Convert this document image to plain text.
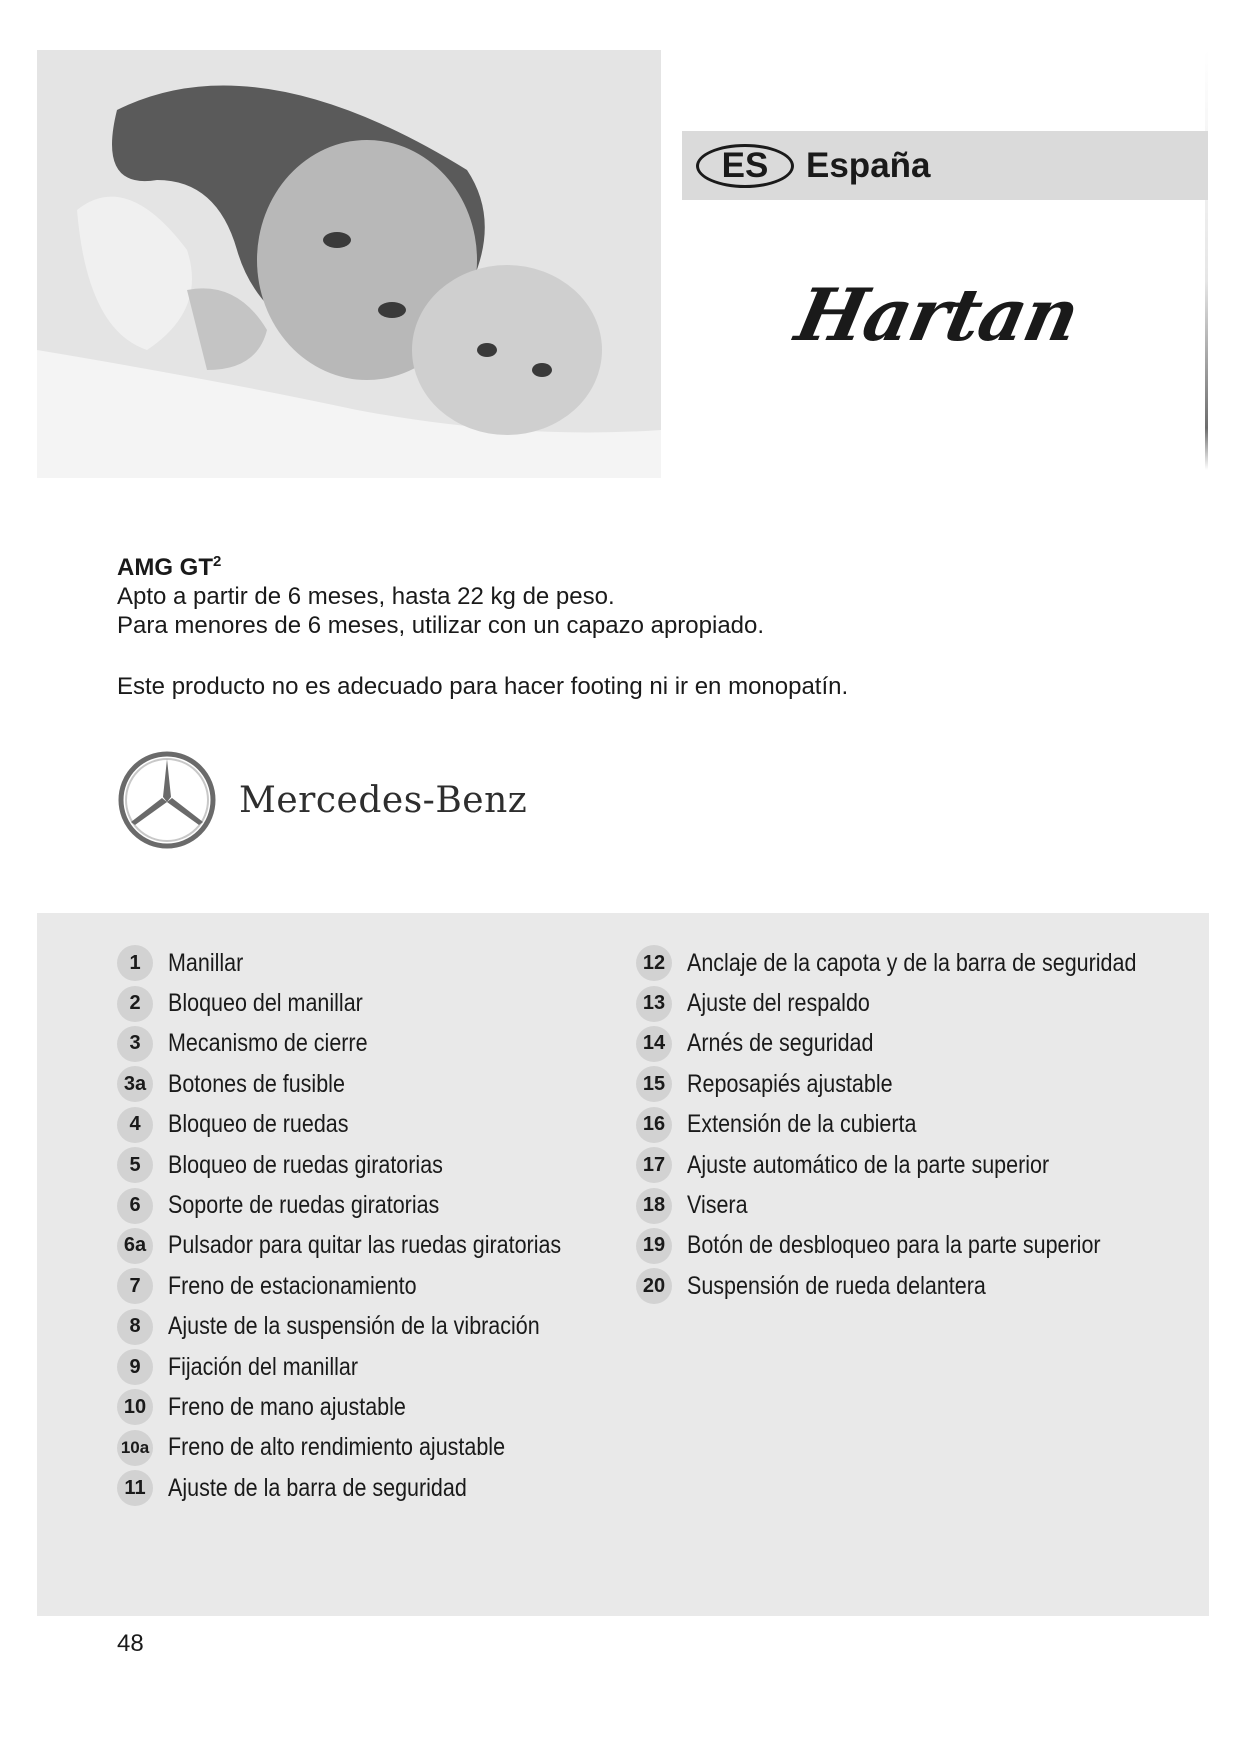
ES	España
Hartan
AMG $GT^2$
Apto a partir de 6 meses, hasta 22 kg de peso.
Para menores de 6 meses, utilizar con un capazo apropiado.
Este producto no es adecuado para hacer footing ni ir en monopatín.
Mercedes-Benz
1	Manillar
2	Bloqueo del manillar
3	Mecanismo de cierre
3a Botones de fusible
4	Bloqueo de ruedas
5	Bloqueo de ruedas giratorias
6	Soporte de ruedas giratorias
6a Pulsador para quitar las ruedas giratorias
7	Freno de estacionamiento
8	Ajuste de la suspensión de la vibración
9	Fijación del manillar
10 Freno de mano ajustable
10a Freno de alto rendimiento ajustable
11 Ajuste de la barra de seguridad
12 Anclaje de la capota y de la barra de seguridad
13 Ajuste del respaldo
14 Arnés de seguridad
15 Reposapiés ajustable
16 Extensión de la cubierta
17 Ajuste automático de la parte superior
18 Visera
19 Botón de desbloqueo para la parte superior
20 Suspensión de rueda delantera
48
